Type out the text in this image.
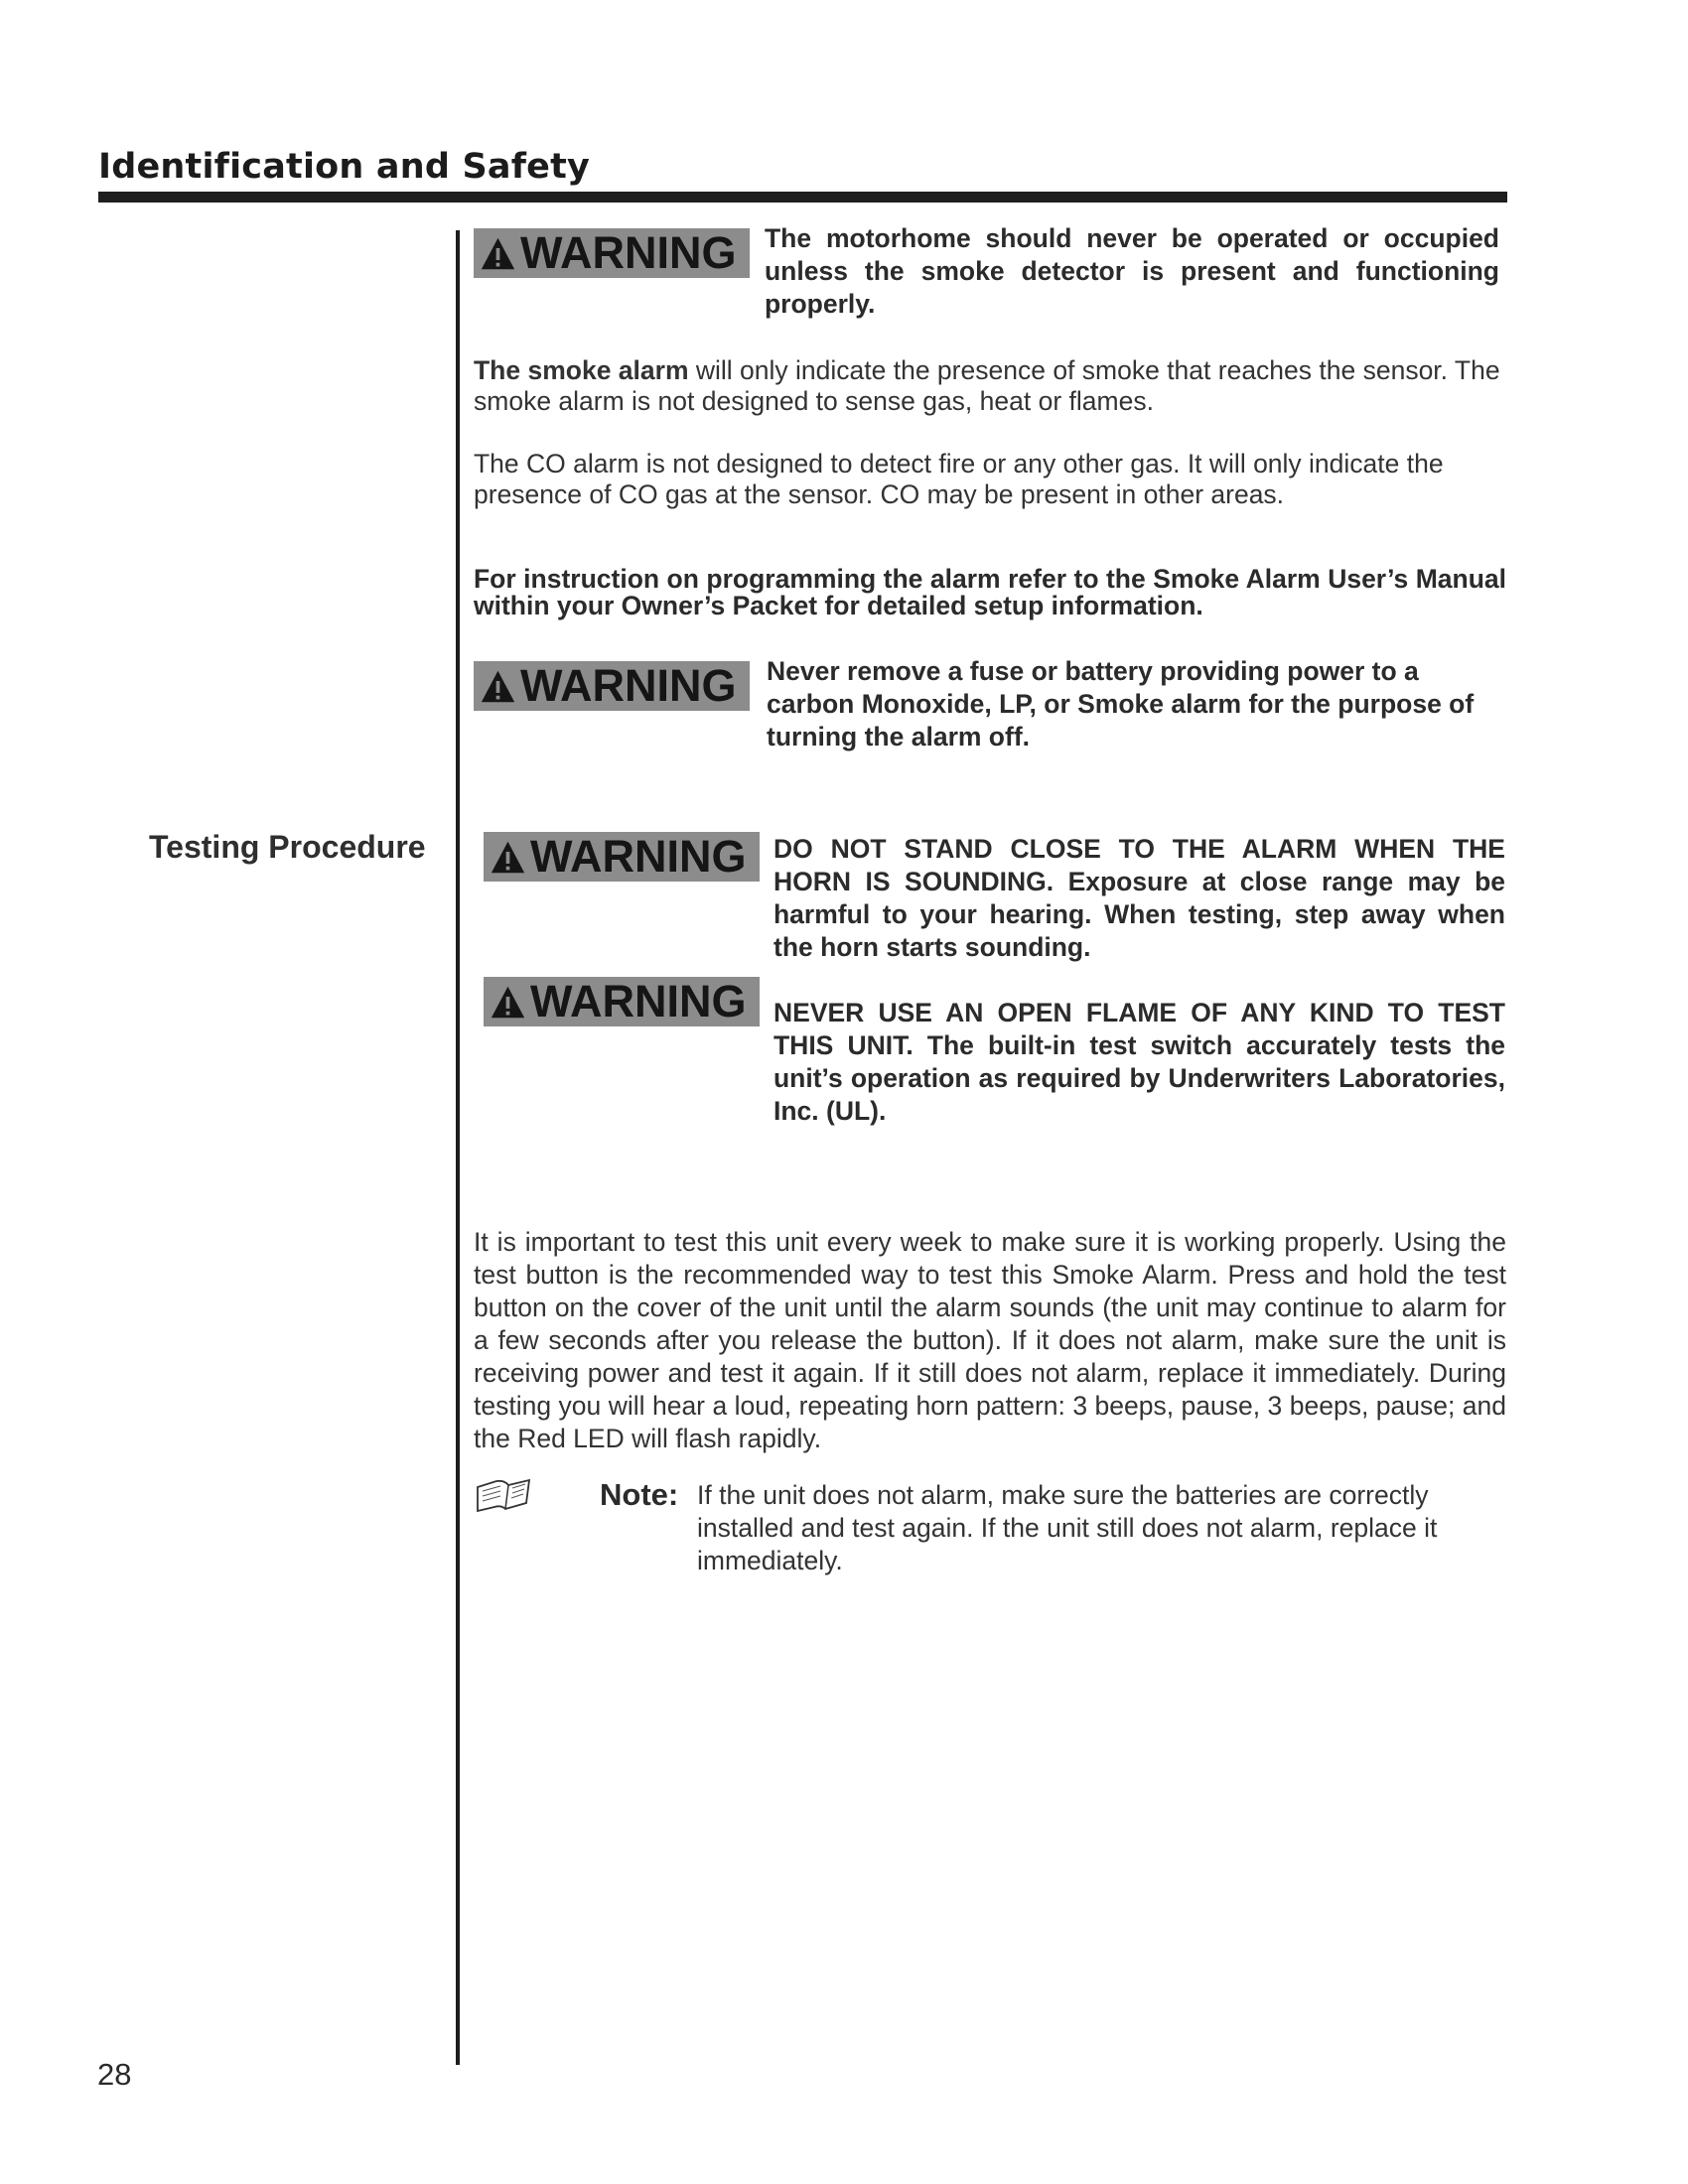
Identification and Safety
Testing Procedure
WARNING The motorhome should never be operated or occupied unless the smoke detector is present and functioning properly.
The smoke alarm will only indicate the presence of smoke that reaches the sensor. The smoke alarm is not designed to sense gas, heat or flames.
The CO alarm is not designed to detect fire or any other gas. It will only indicate the presence of CO gas at the sensor. CO may be present in other areas.
For instruction on programming the alarm refer to the Smoke Alarm User’s Manual within your Owner’s Packet for detailed setup information.
WARNING Never remove a fuse or battery providing power to a carbon Monoxide, LP, or Smoke alarm for the purpose of turning the alarm off.
WARNING DO NOT STAND CLOSE TO THE ALARM WHEN THE HORN IS SOUNDING. Exposure at close range may be harmful to your hearing. When testing, step away when the horn starts sounding.
WARNING NEVER USE AN OPEN FLAME OF ANY KIND TO TEST THIS UNIT. The built-in test switch accurately tests the unit’s operation as required by Underwriters Laboratories, Inc. (UL).
It is important to test this unit every week to make sure it is working properly. Using the test button is the recommended way to test this Smoke Alarm. Press and hold the test button on the cover of the unit until the alarm sounds (the unit may continue to alarm for a few seconds after you release the button). If it does not alarm, make sure the unit is receiving power and test it again. If it still does not alarm, replace it immediately. During testing you will hear a loud, repeating horn pattern: 3 beeps, pause, 3 beeps, pause; and the Red LED will flash rapidly.
Note: If the unit does not alarm, make sure the batteries are correctly installed and test again. If the unit still does not alarm, replace it immediately.
28
